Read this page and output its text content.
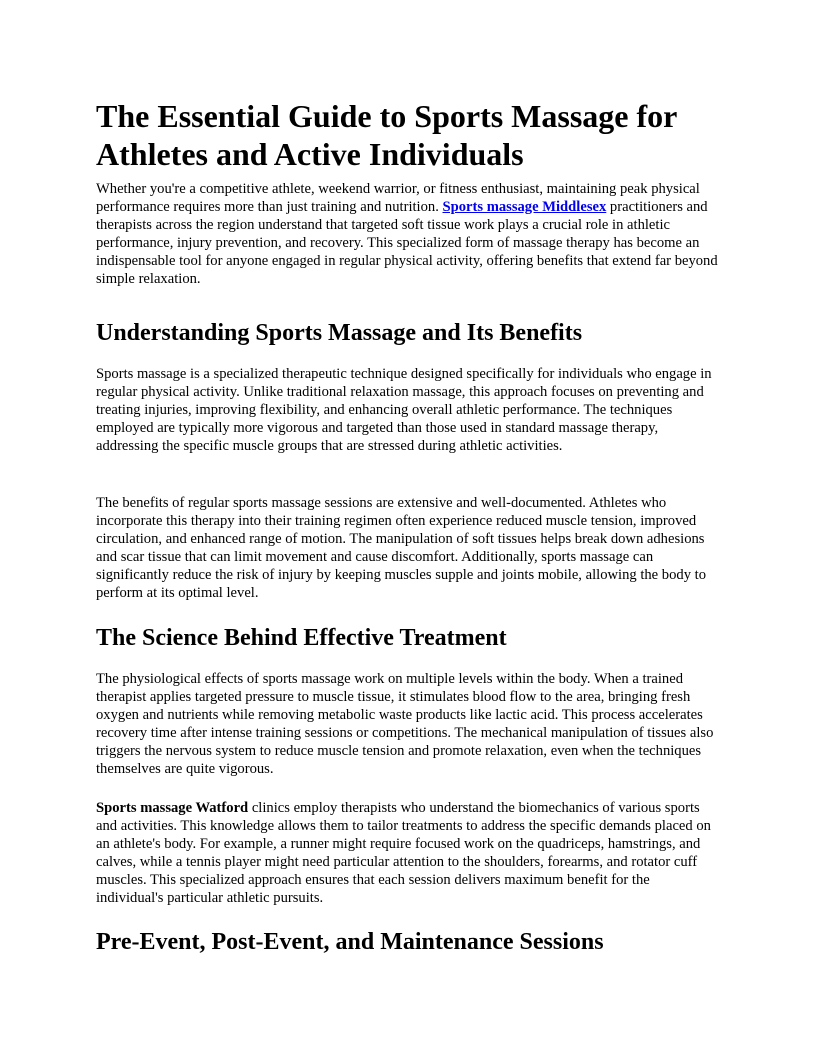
The Essential Guide to Sports Massage for Athletes and Active Individuals

Whether you're a competitive athlete, weekend warrior, or fitness enthusiast, maintaining peak physical performance requires more than just training and nutrition. Sports massage Middlesex practitioners and therapists across the region understand that targeted soft tissue work plays a crucial role in athletic performance, injury prevention, and recovery. This specialized form of massage therapy has become an indispensable tool for anyone engaged in regular physical activity, offering benefits that extend far beyond simple relaxation.

Understanding Sports Massage and Its Benefits

Sports massage is a specialized therapeutic technique designed specifically for individuals who engage in regular physical activity. Unlike traditional relaxation massage, this approach focuses on preventing and treating injuries, improving flexibility, and enhancing overall athletic performance. The techniques employed are typically more vigorous and targeted than those used in standard massage therapy, addressing the specific muscle groups that are stressed during athletic activities.

The benefits of regular sports massage sessions are extensive and well-documented. Athletes who incorporate this therapy into their training regimen often experience reduced muscle tension, improved circulation, and enhanced range of motion. The manipulation of soft tissues helps break down adhesions and scar tissue that can limit movement and cause discomfort. Additionally, sports massage can significantly reduce the risk of injury by keeping muscles supple and joints mobile, allowing the body to perform at its optimal level.

The Science Behind Effective Treatment

The physiological effects of sports massage work on multiple levels within the body. When a trained therapist applies targeted pressure to muscle tissue, it stimulates blood flow to the area, bringing fresh oxygen and nutrients while removing metabolic waste products like lactic acid. This process accelerates recovery time after intense training sessions or competitions. The mechanical manipulation of tissues also triggers the nervous system to reduce muscle tension and promote relaxation, even when the techniques themselves are quite vigorous.

Sports massage Watford clinics employ therapists who understand the biomechanics of various sports and activities. This knowledge allows them to tailor treatments to address the specific demands placed on an athlete's body. For example, a runner might require focused work on the quadriceps, hamstrings, and calves, while a tennis player might need particular attention to the shoulders, forearms, and rotator cuff muscles. This specialized approach ensures that each session delivers maximum benefit for the individual's particular athletic pursuits.

Pre-Event, Post-Event, and Maintenance Sessions
